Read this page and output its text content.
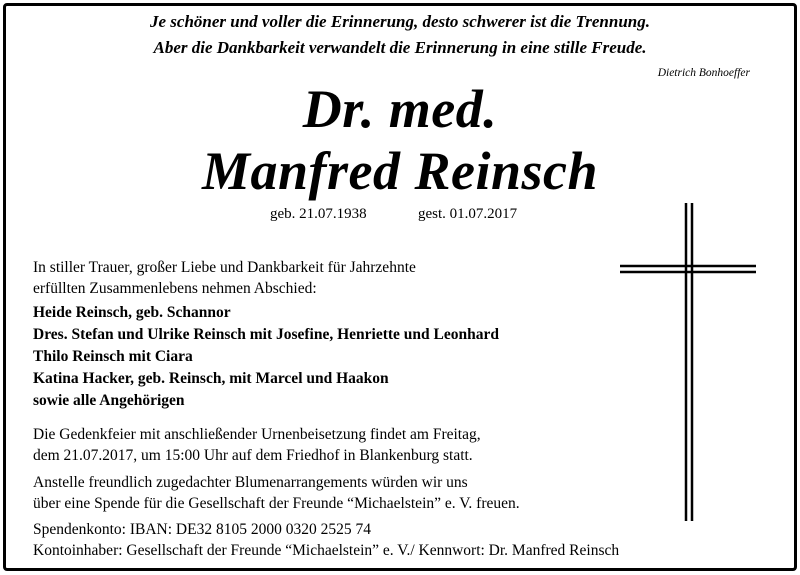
Je schöner und voller die Erinnerung, desto schwerer ist die Trennung.
Aber die Dankbarkeit verwandelt die Erinnerung in eine stille Freude.
Dietrich Bonhoeffer
Dr. med.
Manfred Reinsch
geb. 21.07.1938	gest. 01.07.2017
In stiller Trauer, großer Liebe und Dankbarkeit für Jahrzehnte
erfüllten Zusammenlebens nehmen Abschied:
Heide Reinsch, geb. Schannor
Dres. Stefan und Ulrike Reinsch mit Josefine, Henriette und Leonhard
Thilo Reinsch mit Ciara
Katina Hacker, geb. Reinsch, mit Marcel und Haakon
sowie alle Angehörigen
Die Gedenkfeier mit anschließender Urnenbeisetzung findet am Freitag,
dem 21.07.2017, um 15:00 Uhr auf dem Friedhof in Blankenburg statt.
Anstelle freundlich zugedachter Blumenarrangements würden wir uns
über eine Spende für die Gesellschaft der Freunde “Michaelstein” e. V. freuen.
Spendenkonto: IBAN: DE32 8105 2000 0320 2525 74
Kontoinhaber: Gesellschaft der Freunde “Michaelstein” e. V./ Kennwort: Dr. Manfred Reinsch
